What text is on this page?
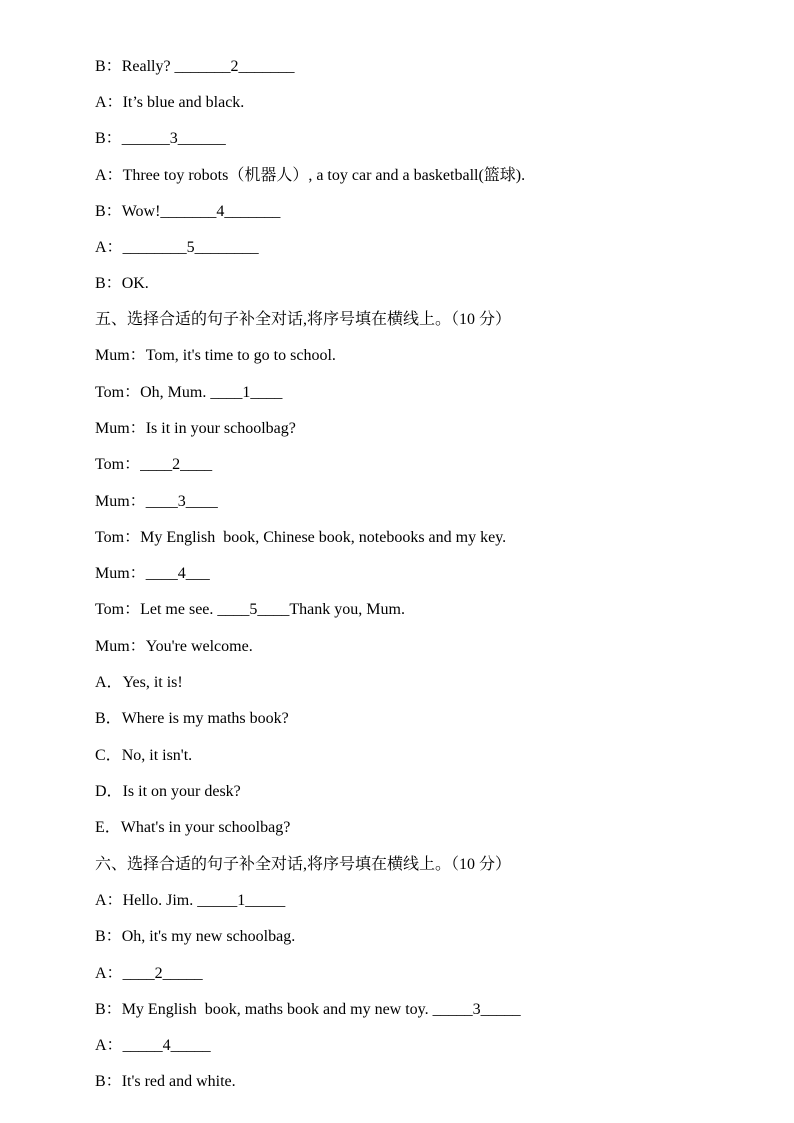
B：Really? _______2_______
A：It’s blue and black.
B：______3______
A：Three toy robots（机器人）, a toy car and a basketball(篮球).
B：Wow!_______4_______
A：________5________
B：OK.
五、选择合适的句子补全对话,将序号填在横线上。（10 分）
Mum：Tom, it's time to go to school.
Tom：Oh, Mum. ____1____
Mum：Is it in your schoolbag?
Tom：____2____
Mum：____3____
Tom：My English  book, Chinese book, notebooks and my key.
Mum：____4___
Tom：Let me see. ____5____Thank you, Mum.
Mum：You're welcome.
A．Yes, it is!
B．Where is my maths book?
C．No, it isn't.
D．Is it on your desk?
E．What's in your schoolbag?
六、选择合适的句子补全对话,将序号填在横线上。（10 分）
A：Hello. Jim. _____1_____
B：Oh, it's my new schoolbag.
A：____2_____
B：My English  book, maths book and my new toy. _____3_____
A：_____4_____
B：It's red and white.
